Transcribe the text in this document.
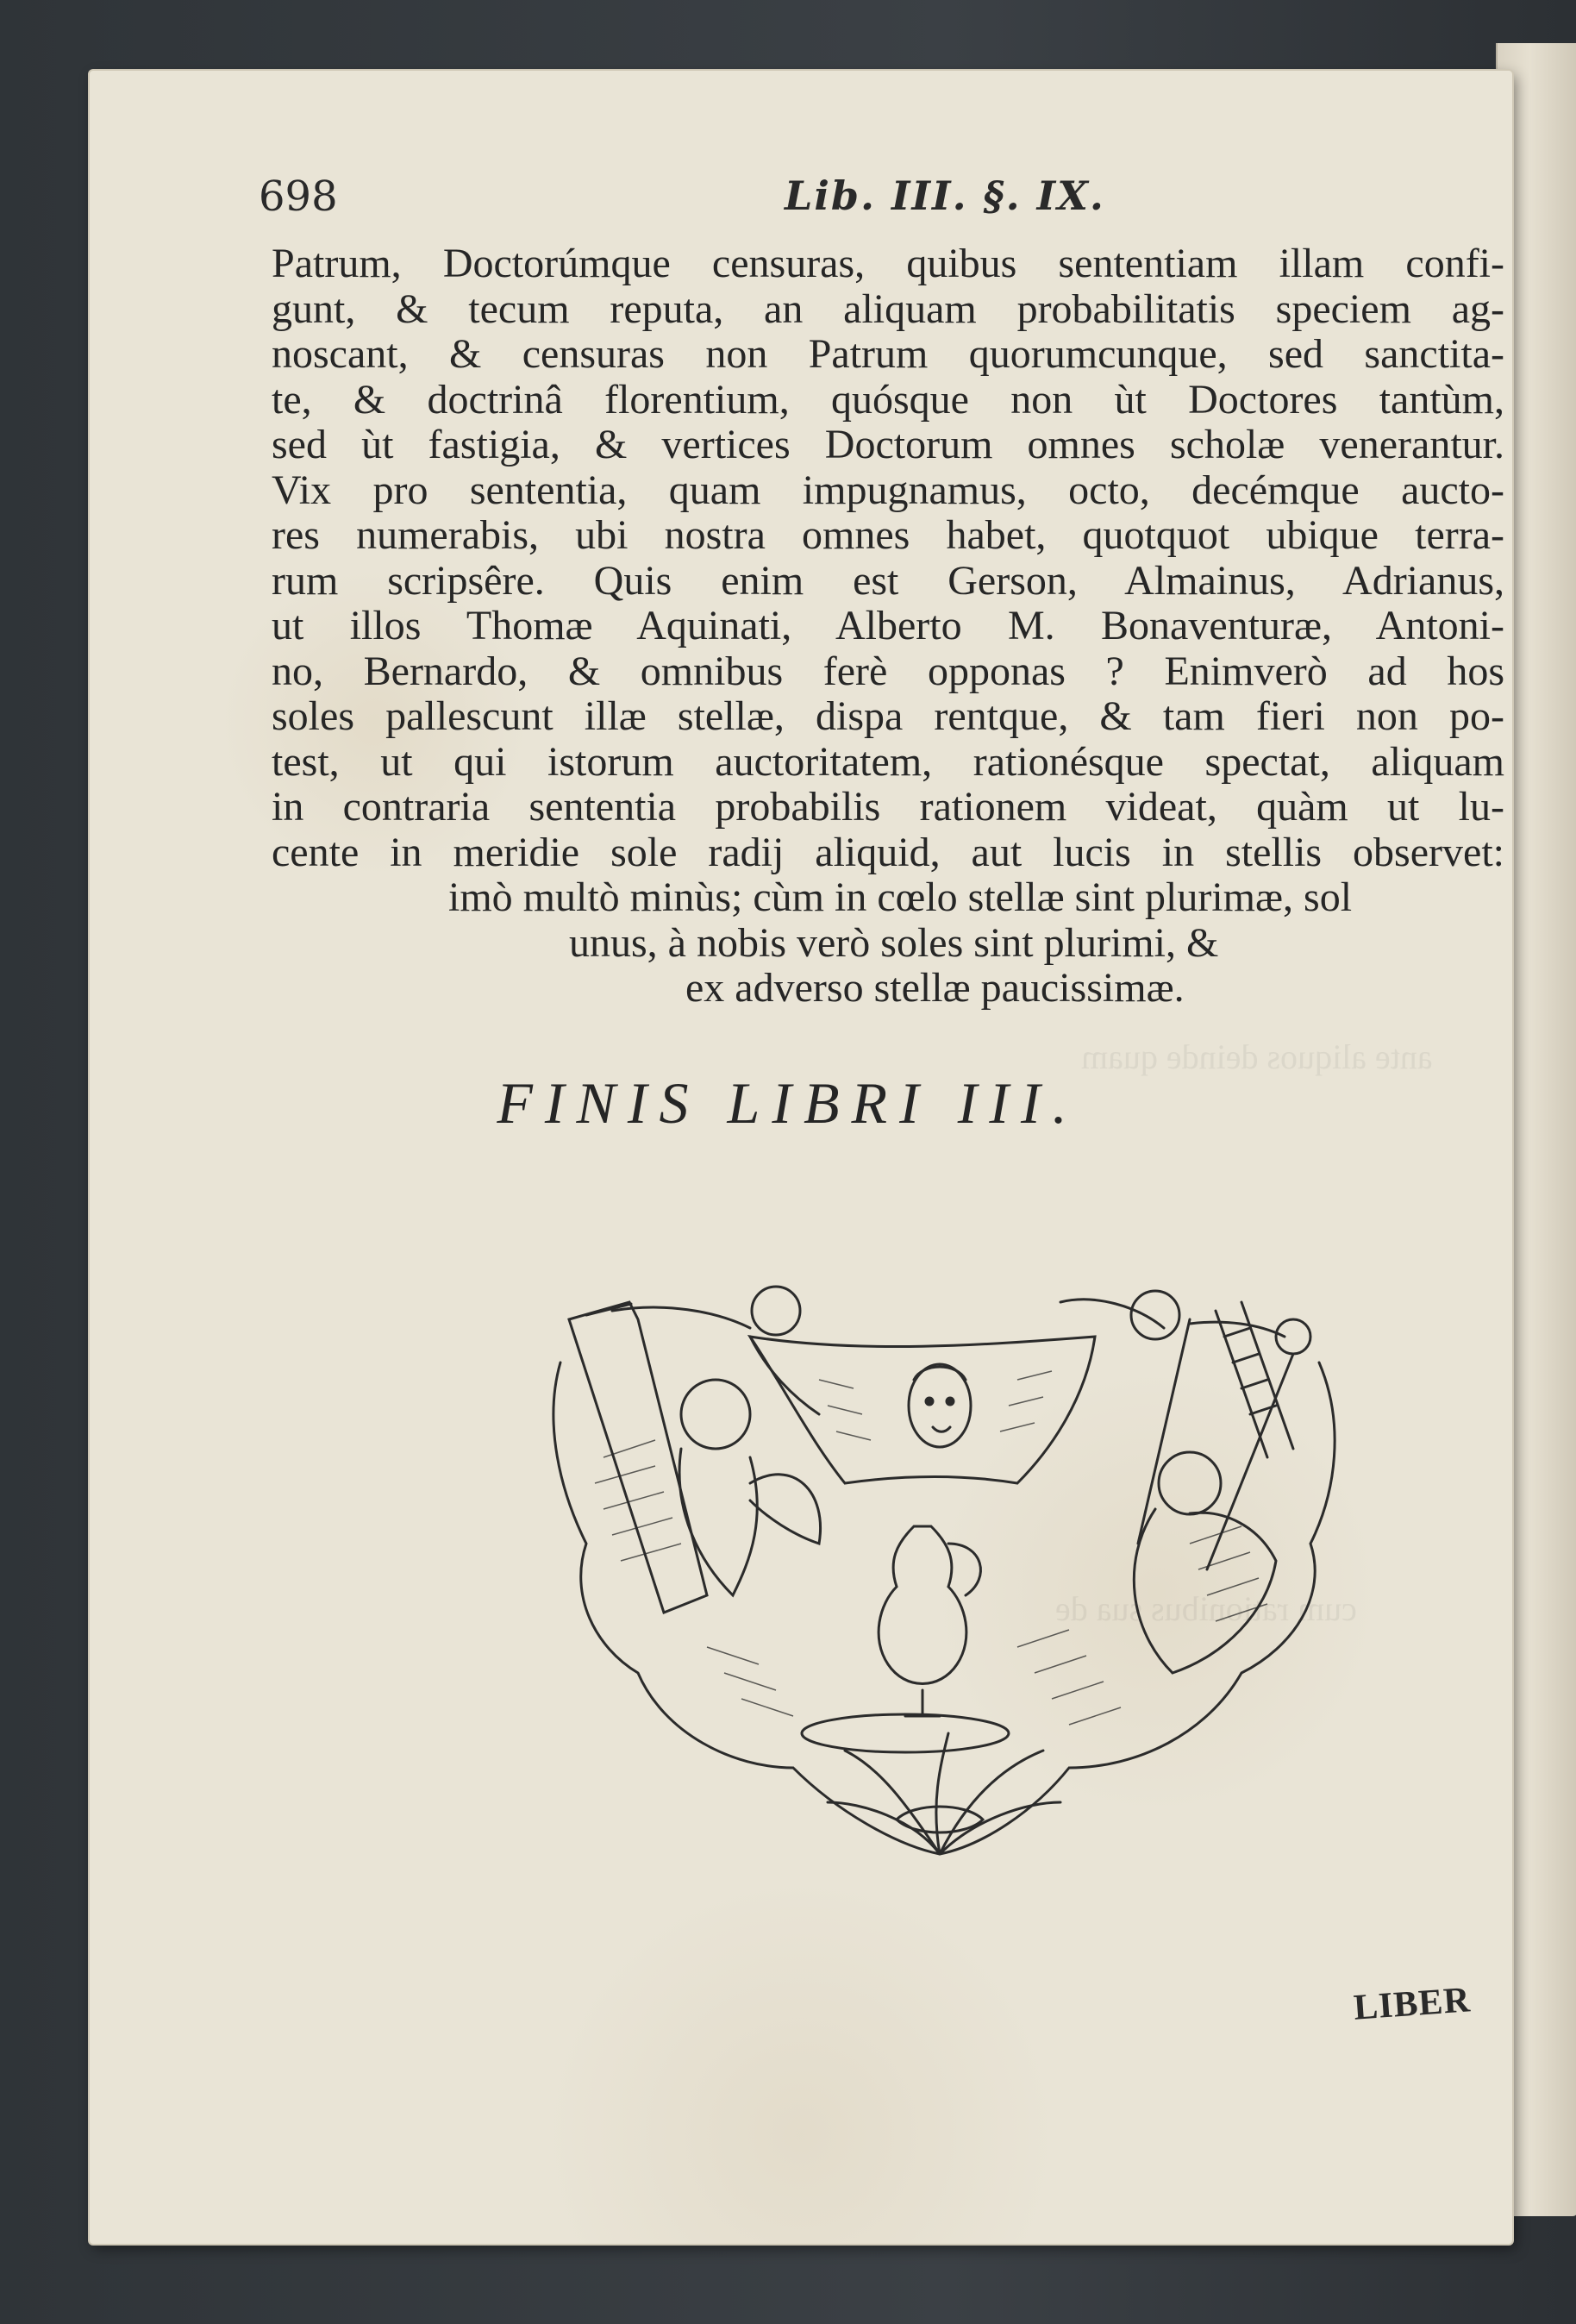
ante aliquos deinde quam
cum rationibus sua de
698	Lib. III. §. IX.
Patrum, Doctorúmque censuras, quibus sententiam illam confi-
gunt, & tecum reputa, an aliquam probabilitatis speciem ag-
noscant, & censuras non Patrum quorumcunque, sed sanctita-
te, & doctrinâ florentium, quósque non ùt Doctores tantùm,
sed ùt fastigia, & vertices Doctorum omnes scholæ venerantur.
Vix pro sententia, quam impugnamus, octo, decémque aucto-
res numerabis, ubi nostra omnes habet, quotquot ubique terra-
rum scripsêre. Quis enim est Gerson, Almainus, Adrianus,
ut illos Thomæ Aquinati, Alberto M. Bonaventuræ, Antoni-
no, Bernardo, & omnibus ferè opponas ? Enimverò ad hos
soles pallescunt illæ stellæ, dispa rentque, & tam fieri non po-
test, ut qui istorum auctoritatem, rationésque spectat, aliquam
in contraria sententia probabilis rationem videat, quàm ut lu-
cente in meridie sole radij aliquid, aut lucis in stellis observet:
imò multò minùs; cùm in cœlo stellæ sint plurimæ, sol
unus, à nobis verò soles sint plurimi, &
ex adverso stellæ paucissimæ.
FINIS LIBRI III.
LIBER
